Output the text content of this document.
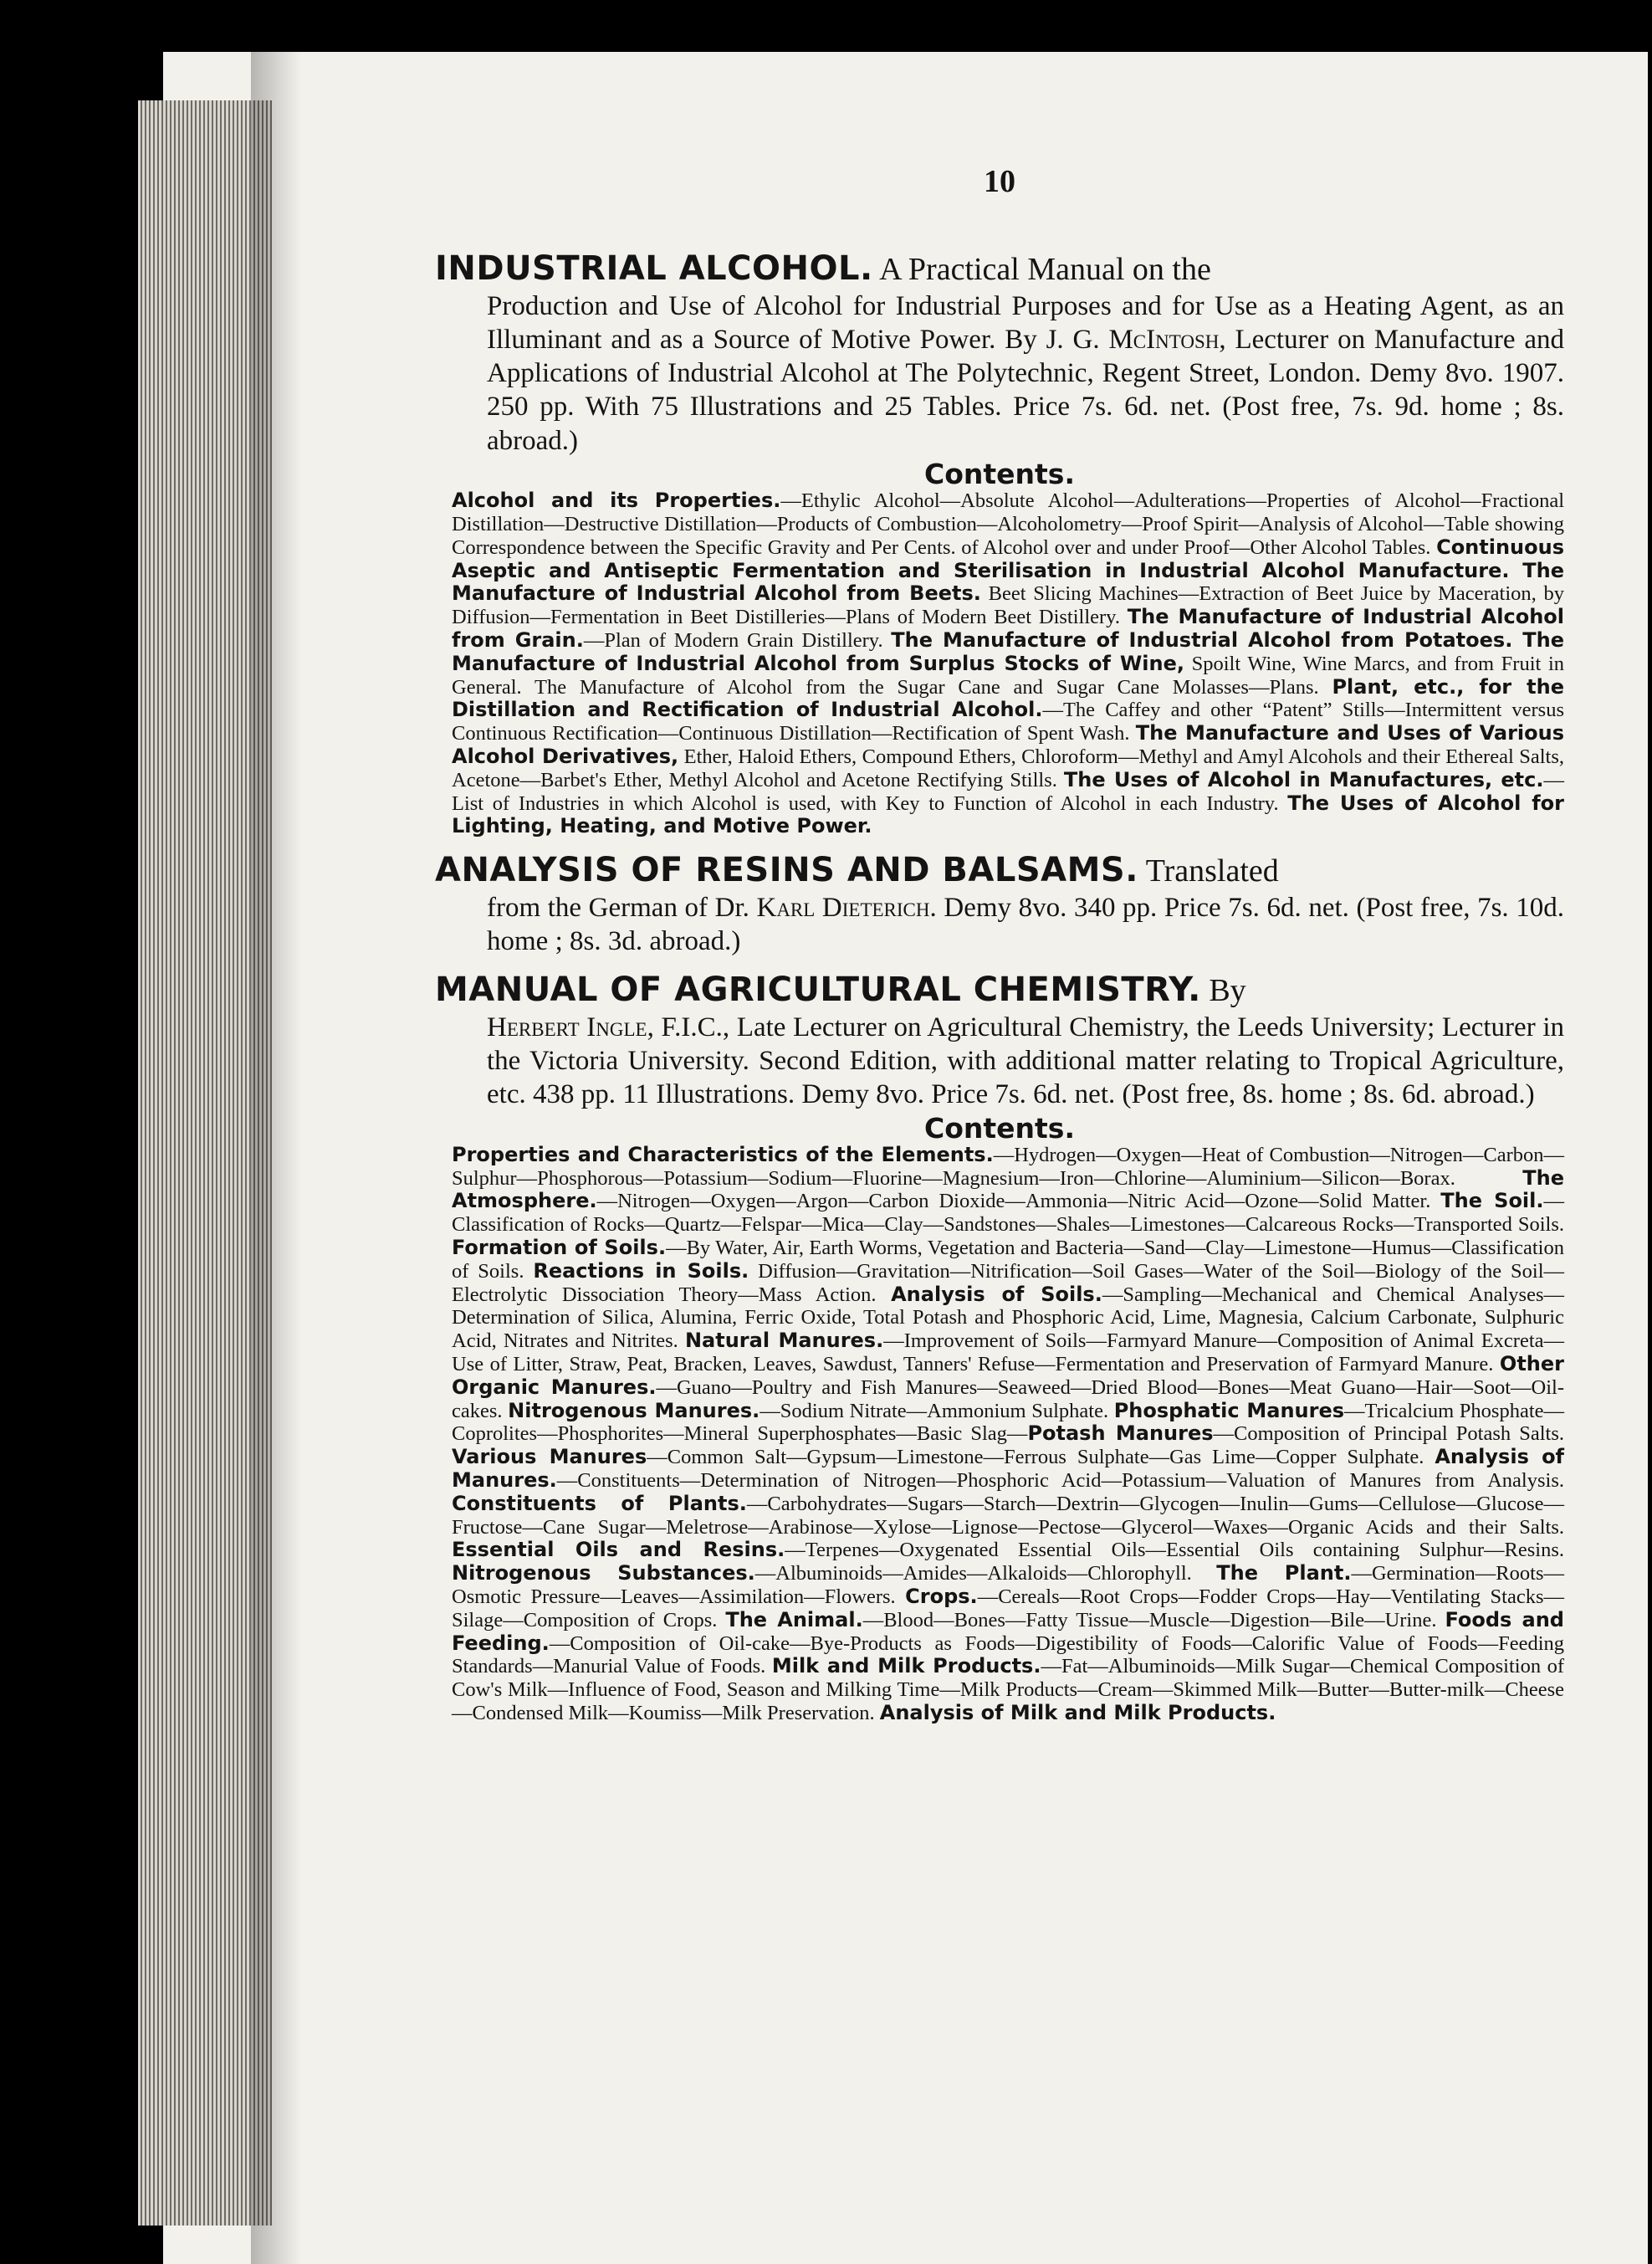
10

INDUSTRIAL ALCOHOL. A Practical Manual on the

Production and Use of Alcohol for Industrial Purposes and for Use as a Heating Agent, as an Illuminant and as a Source of Motive Power. By J. G. McIntosh, Lecturer on Manufacture and Applications of Industrial Alcohol at The Polytechnic, Regent Street, London. Demy 8vo. 1907. 250 pp. With 75 Illustrations and 25 Tables. Price 7s. 6d. net. (Post free, 7s. 9d. home ; 8s. abroad.)

Contents.

Alcohol and its Properties.—Ethylic Alcohol—Absolute Alcohol—Adulterations—Properties of Alcohol—Fractional Distillation—Destructive Distillation—Products of Combustion—Alcoholometry—Proof Spirit—Analysis of Alcohol—Table showing Correspondence between the Specific Gravity and Per Cents. of Alcohol over and under Proof—Other Alcohol Tables. Continuous Aseptic and Antiseptic Fermentation and Sterilisation in Industrial Alcohol Manufacture. The Manufacture of Industrial Alcohol from Beets. Beet Slicing Machines—Extraction of Beet Juice by Maceration, by Diffusion—Fermentation in Beet Distilleries—Plans of Modern Beet Distillery. The Manufacture of Industrial Alcohol from Grain.—Plan of Modern Grain Distillery. The Manufacture of Industrial Alcohol from Potatoes. The Manufacture of Industrial Alcohol from Surplus Stocks of Wine, Spoilt Wine, Wine Marcs, and from Fruit in General. The Manufacture of Alcohol from the Sugar Cane and Sugar Cane Molasses—Plans. Plant, etc., for the Distillation and Rectification of Industrial Alcohol.—The Caffey and other “Patent” Stills—Intermittent versus Continuous Rectification—Continuous Distillation—Rectification of Spent Wash. The Manufacture and Uses of Various Alcohol Derivatives, Ether, Haloid Ethers, Compound Ethers, Chloroform—Methyl and Amyl Alcohols and their Ethereal Salts, Acetone—Barbet's Ether, Methyl Alcohol and Acetone Rectifying Stills. The Uses of Alcohol in Manufactures, etc.—List of Industries in which Alcohol is used, with Key to Function of Alcohol in each Industry. The Uses of Alcohol for Lighting, Heating, and Motive Power.

ANALYSIS OF RESINS AND BALSAMS. Translated

from the German of Dr. Karl Dieterich. Demy 8vo. 340 pp. Price 7s. 6d. net. (Post free, 7s. 10d. home ; 8s. 3d. abroad.)

MANUAL OF AGRICULTURAL CHEMISTRY. By

Herbert Ingle, F.I.C., Late Lecturer on Agricultural Chemistry, the Leeds University; Lecturer in the Victoria University. Second Edition, with additional matter relating to Tropical Agriculture, etc. 438 pp. 11 Illustrations. Demy 8vo. Price 7s. 6d. net. (Post free, 8s. home ; 8s. 6d. abroad.)

Contents.

Properties and Characteristics of the Elements.—Hydrogen—Oxygen—Heat of Combustion—Nitrogen—Carbon—Sulphur—Phosphorous—Potassium—Sodium—Fluorine—Magnesium—Iron—Chlorine—Aluminium—Silicon—Borax. The Atmosphere.—Nitrogen—Oxygen—Argon—Carbon Dioxide—Ammonia—Nitric Acid—Ozone—Solid Matter. The Soil.—Classification of Rocks—Quartz—Felspar—Mica—Clay—Sandstones—Shales—Limestones—Calcareous Rocks—Transported Soils. Formation of Soils.—By Water, Air, Earth Worms, Vegetation and Bacteria—Sand—Clay—Limestone—Humus—Classification of Soils. Reactions in Soils. Diffusion—Gravitation—Nitrification—Soil Gases—Water of the Soil—Biology of the Soil—Electrolytic Dissociation Theory—Mass Action. Analysis of Soils.—Sampling—Mechanical and Chemical Analyses—Determination of Silica, Alumina, Ferric Oxide, Total Potash and Phosphoric Acid, Lime, Magnesia, Calcium Carbonate, Sulphuric Acid, Nitrates and Nitrites. Natural Manures.—Improvement of Soils—Farmyard Manure—Composition of Animal Excreta—Use of Litter, Straw, Peat, Bracken, Leaves, Sawdust, Tanners' Refuse—Fermentation and Preservation of Farmyard Manure. Other Organic Manures.—Guano—Poultry and Fish Manures—Seaweed—Dried Blood—Bones—Meat Guano—Hair—Soot—Oil-cakes. Nitrogenous Manures.—Sodium Nitrate—Ammonium Sulphate. Phosphatic Manures—Tricalcium Phosphate—Coprolites—Phosphorites—Mineral Superphosphates—Basic Slag—Potash Manures—Composition of Principal Potash Salts. Various Manures—Common Salt—Gypsum—Limestone—Ferrous Sulphate—Gas Lime—Copper Sulphate. Analysis of Manures.—Constituents—Determination of Nitrogen—Phosphoric Acid—Potassium—Valuation of Manures from Analysis. Constituents of Plants.—Carbohydrates—Sugars—Starch—Dextrin—Glycogen—Inulin—Gums—Cellulose—Glucose—Fructose—Cane Sugar—Meletrose—Arabinose—Xylose—Lignose—Pectose—Glycerol—Waxes—Organic Acids and their Salts. Essential Oils and Resins.—Terpenes—Oxygenated Essential Oils—Essential Oils containing Sulphur—Resins. Nitrogenous Substances.—Albuminoids—Amides—Alkaloids—Chlorophyll. The Plant.—Germination—Roots—Osmotic Pressure—Leaves—Assimilation—Flowers. Crops.—Cereals—Root Crops—Fodder Crops—Hay—Ventilating Stacks—Silage—Composition of Crops. The Animal.—Blood—Bones—Fatty Tissue—Muscle—Digestion—Bile—Urine. Foods and Feeding.—Composition of Oil-cake—Bye-Products as Foods—Digestibility of Foods—Calorific Value of Foods—Feeding Standards—Manurial Value of Foods. Milk and Milk Products.—Fat—Albuminoids—Milk Sugar—Chemical Composition of Cow's Milk—Influence of Food, Season and Milking Time—Milk Products—Cream—Skimmed Milk—Butter—Butter-milk—Cheese—Condensed Milk—Koumiss—Milk Preservation. Analysis of Milk and Milk Products.
